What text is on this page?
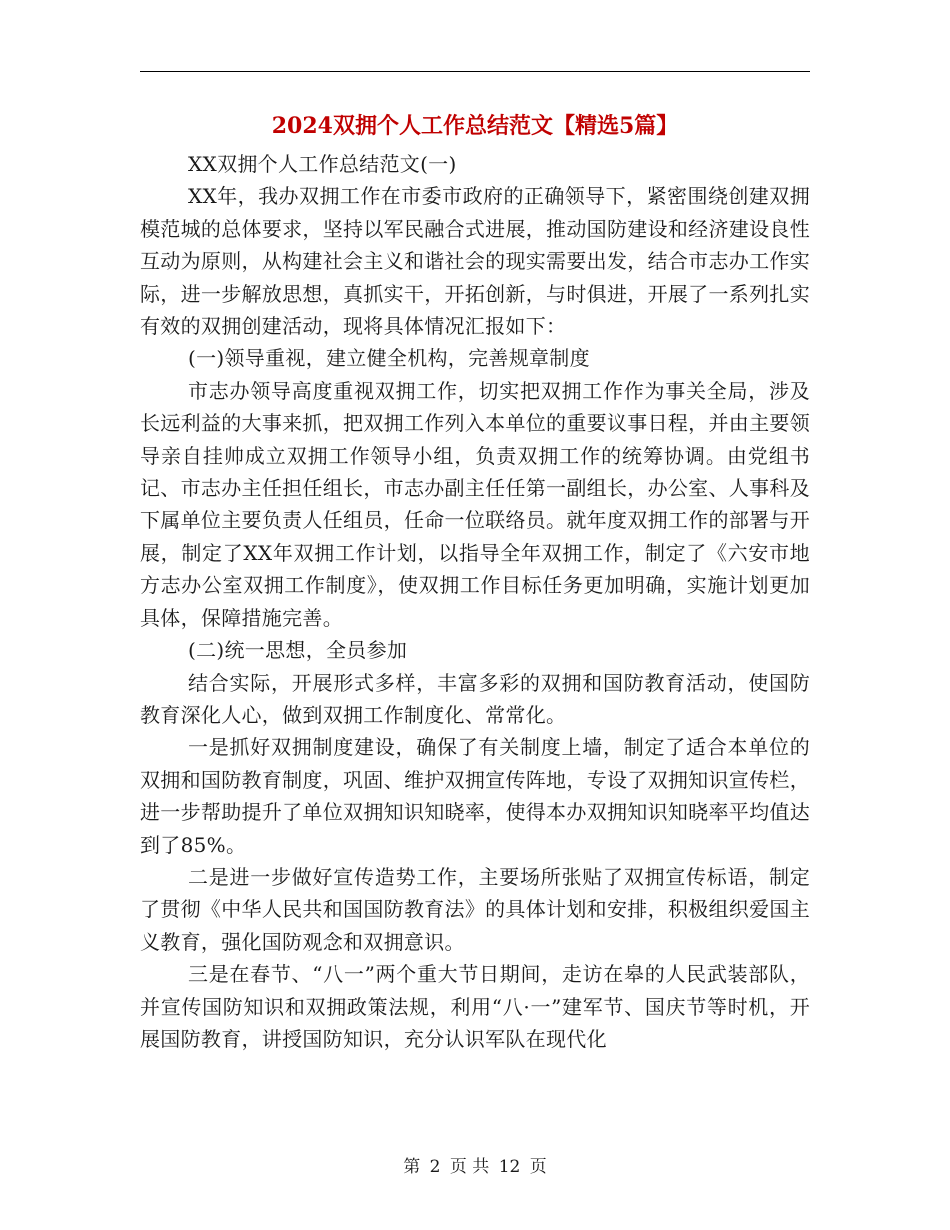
2024双拥个人工作总结范文【精选5篇】

XX双拥个人工作总结范文(一)

XX年，我办双拥工作在市委市政府的正确领导下，紧密围绕创建双拥模范城的总体要求，坚持以军民融合式进展，推动国防建设和经济建设良性互动为原则，从构建社会主义和谐社会的现实需要出发，结合市志办工作实际，进一步解放思想，真抓实干，开拓创新，与时俱进，开展了一系列扎实有效的双拥创建活动，现将具体情况汇报如下：

(一)领导重视，建立健全机构，完善规章制度

市志办领导高度重视双拥工作，切实把双拥工作作为事关全局，涉及长远利益的大事来抓，把双拥工作列入本单位的重要议事日程，并由主要领导亲自挂帅成立双拥工作领导小组，负责双拥工作的统筹协调。由党组书记、市志办主任担任组长，市志办副主任任第一副组长，办公室、人事科及下属单位主要负责人任组员，任命一位联络员。就年度双拥工作的部署与开展，制定了XX年双拥工作计划，以指导全年双拥工作，制定了《六安市地方志办公室双拥工作制度》，使双拥工作目标任务更加明确，实施计划更加具体，保障措施完善。

(二)统一思想，全员参加

结合实际，开展形式多样，丰富多彩的双拥和国防教育活动，使国防教育深化人心，做到双拥工作制度化、常常化。

一是抓好双拥制度建设，确保了有关制度上墙，制定了适合本单位的双拥和国防教育制度，巩固、维护双拥宣传阵地，专设了双拥知识宣传栏，进一步帮助提升了单位双拥知识知晓率，使得本办双拥知识知晓率平均值达到了85%。

二是进一步做好宣传造势工作，主要场所张贴了双拥宣传标语，制定了贯彻《中华人民共和国国防教育法》的具体计划和安排，积极组织爱国主义教育，强化国防观念和双拥意识。

三是在春节、“八一”两个重大节日期间，走访在皋的人民武装部队，并宣传国防知识和双拥政策法规，利用“八·一”建军节、国庆节等时机，开展国防教育，讲授国防知识，充分认识军队在现代化

第 2 页 共 12 页
